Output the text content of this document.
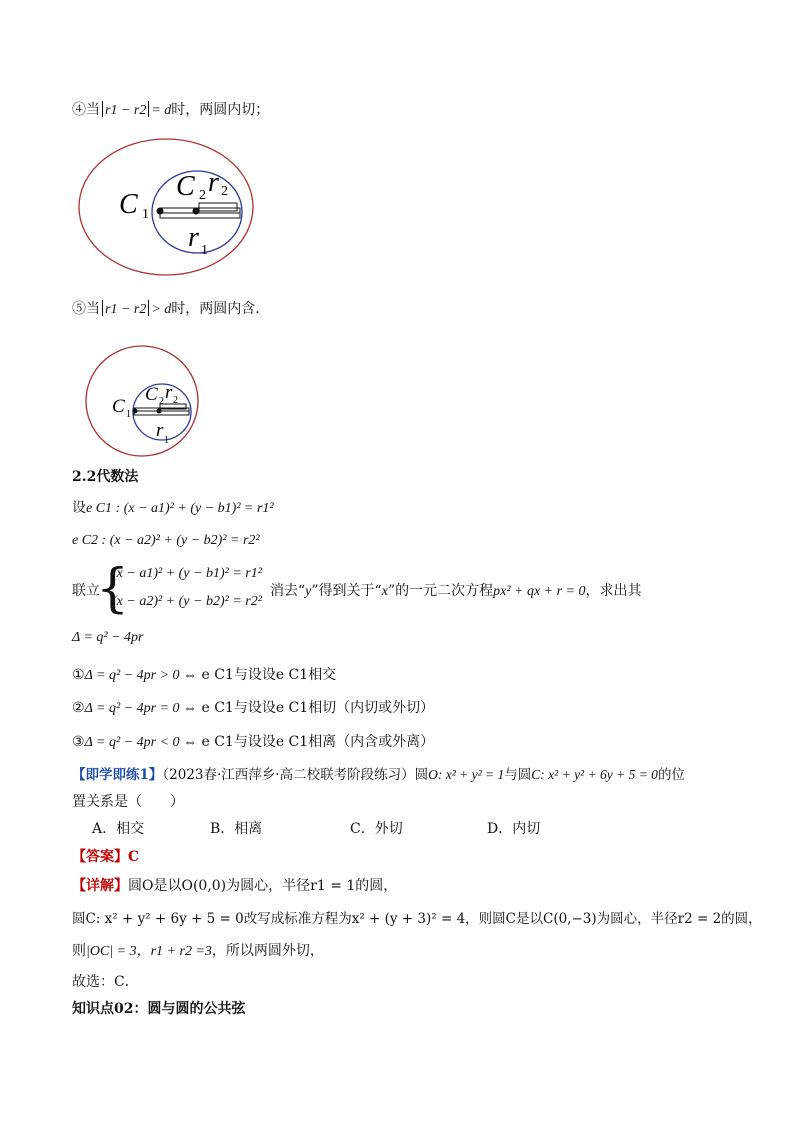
④当 r1 − r2 = d时，两圆内切；
C 1
C 2 r 2
r 1
⑤当 r1 − r2 > d时，两圆内含.
C 1
C 2 r 2
r 1
2.2代数法
设e C1 : (x − a1)² + (y − b1)² = r1²
e C2 : (x − a2)² + (y − b2)² = r2²
联立
{
(x − a1)² + (y − b1)² = r1²
(x − a2)² + (y − b2)² = r2²
消去“y”得到关于“x”的一元二次方程px² + qx + r = 0，求出其
Δ = q² − 4pr
①Δ = q² − 4pr > 0 ⇔ e C1与设设e C1相交
②Δ = q² − 4pr = 0 ⇔ e C1与设设e C1相切（内切或外切）
③Δ = q² − 4pr < 0 ⇔ e C1与设设e C1相离（内含或外离）
【即学即练1】（2023春·江西萍乡·高二校联考阶段练习）圆O: x² + y² = 1与圆C: x² + y² + 6y + 5 = 0的位
置关系是（　　）
A．相交	B．相离	C．外切	D．内切
【答案】C
【详解】圆O是以O(0,0)为圆心，半径r1 = 1的圆，
圆C: x² + y² + 6y + 5 = 0改写成标准方程为x² + (y + 3)² = 4，则圆C是以C(0,−3)为圆心，半径r2 = 2的圆，
则|OC| = 3，r1 + r2 =3，所以两圆外切，
故选：C．
知识点02：圆与圆的公共弦
